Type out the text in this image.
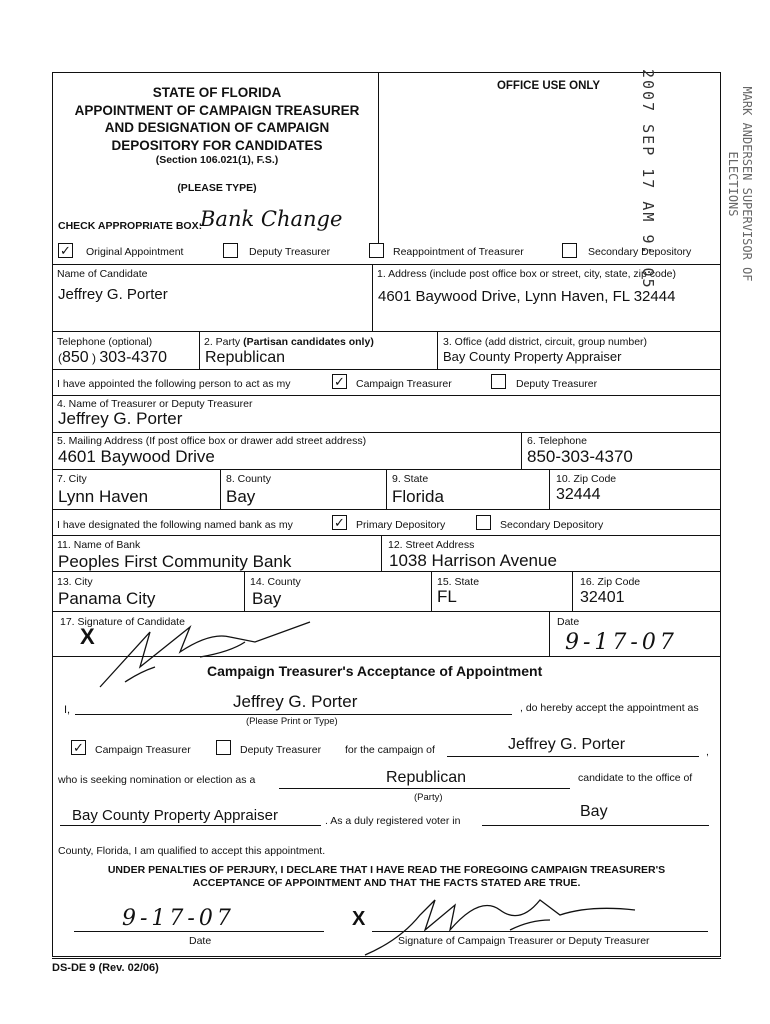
STATE OF FLORIDA
APPOINTMENT OF CAMPAIGN TREASURER
AND DESIGNATION OF CAMPAIGN
DEPOSITORY FOR CANDIDATES
(Section 106.021(1), F.S.)
(PLEASE TYPE)
OFFICE USE ONLY	2007 SEP 17 AM 9: 05	MARK ANDERSEN SUPERVISOR OF ELECTIONS
CHECK APPROPRIATE BOX:
Bank Change
✓ Original Appointment	Deputy Treasurer	Reappointment of Treasurer	Secondary Depository
Name of Candidate
Jeffrey G. Porter
1. Address (include post office box or street, city, state, zip code)
4601 Baywood Drive, Lynn Haven, FL 32444
Telephone (optional)
(850 ) 303-4370
2. Party (Partisan candidates only)
Republican
3. Office (add district, circuit, group number)
Bay County Property Appraiser
I have appointed the following person to act as my	✓ Campaign Treasurer	Deputy Treasurer
4. Name of Treasurer or Deputy Treasurer
Jeffrey G. Porter
5. Mailing Address (If post office box or drawer add street address)
4601 Baywood Drive
6. Telephone
850-303-4370
7. City
Lynn Haven
8. County
Bay
9. State
Florida
10. Zip Code
32444
I have designated the following named bank as my	✓ Primary Depository	Secondary Depository
11. Name of Bank
Peoples First Community Bank
12. Street Address
1038 Harrison Avenue
13. City
Panama City
14. County
Bay
15. State
FL
16. Zip Code
32401
17. Signature of Candidate
X
Date
9-17-07
Campaign Treasurer's Acceptance of Appointment
I,	Jeffrey G. Porter
(Please Print or Type)
, do hereby accept the appointment as
✓ Campaign Treasurer	Deputy Treasurer for the campaign of	Jeffrey G. Porter	,
who is seeking nomination or election as a	Republican
(Party)
candidate to the office of
Bay County Property Appraiser	. As a duly registered voter in
Bay
County, Florida, I am qualified to accept this appointment.
UNDER PENALTIES OF PERJURY, I DECLARE THAT I HAVE READ THE FOREGOING CAMPAIGN TREASURER'S
ACCEPTANCE OF APPOINTMENT AND THAT THE FACTS STATED ARE TRUE.
9-17-07
Date
X
Signature of Campaign Treasurer or Deputy Treasurer
DS-DE 9 (Rev. 02/06)
